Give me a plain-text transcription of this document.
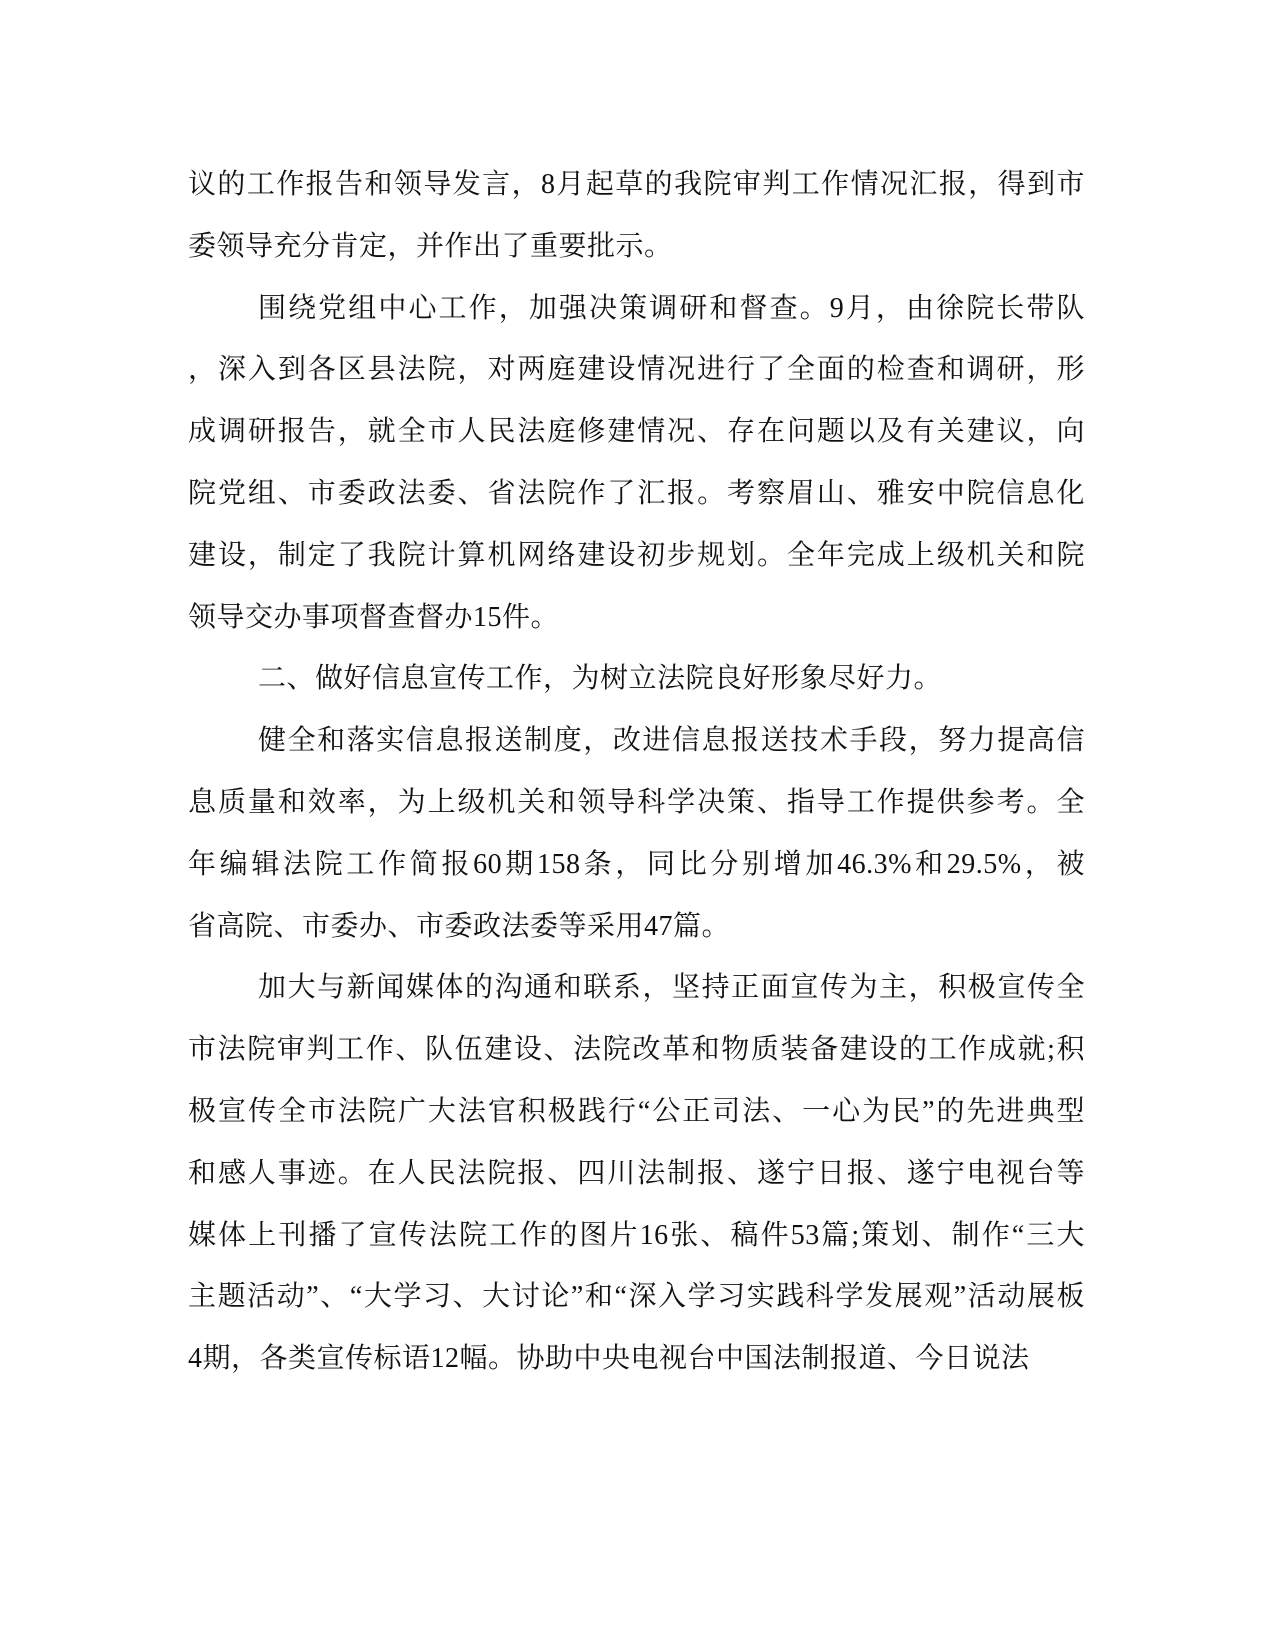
议的工作报告和领导发言，8月起草的我院审判工作情况汇报，得到市
委领导充分肯定，并作出了重要批示。
围绕党组中心工作，加强决策调研和督查。9月，由徐院长带队
，深入到各区县法院，对两庭建设情况进行了全面的检查和调研，形
成调研报告，就全市人民法庭修建情况、存在问题以及有关建议，向
院党组、市委政法委、省法院作了汇报。考察眉山、雅安中院信息化
建设，制定了我院计算机网络建设初步规划。全年完成上级机关和院
领导交办事项督查督办15件。
二、做好信息宣传工作，为树立法院良好形象尽好力。
健全和落实信息报送制度，改进信息报送技术手段，努力提高信
息质量和效率，为上级机关和领导科学决策、指导工作提供参考。全
年编辑法院工作简报60期158条，同比分别增加46.3%和29.5%，被
省高院、市委办、市委政法委等采用47篇。
加大与新闻媒体的沟通和联系，坚持正面宣传为主，积极宣传全
市法院审判工作、队伍建设、法院改革和物质装备建设的工作成就;积
极宣传全市法院广大法官积极践行“公正司法、一心为民”的先进典型
和感人事迹。在人民法院报、四川法制报、遂宁日报、遂宁电视台等
媒体上刊播了宣传法院工作的图片16张、稿件53篇;策划、制作“三大
主题活动”、“大学习、大讨论”和“深入学习实践科学发展观”活动展板
4期，各类宣传标语12幅。协助中央电视台中国法制报道、今日说法
